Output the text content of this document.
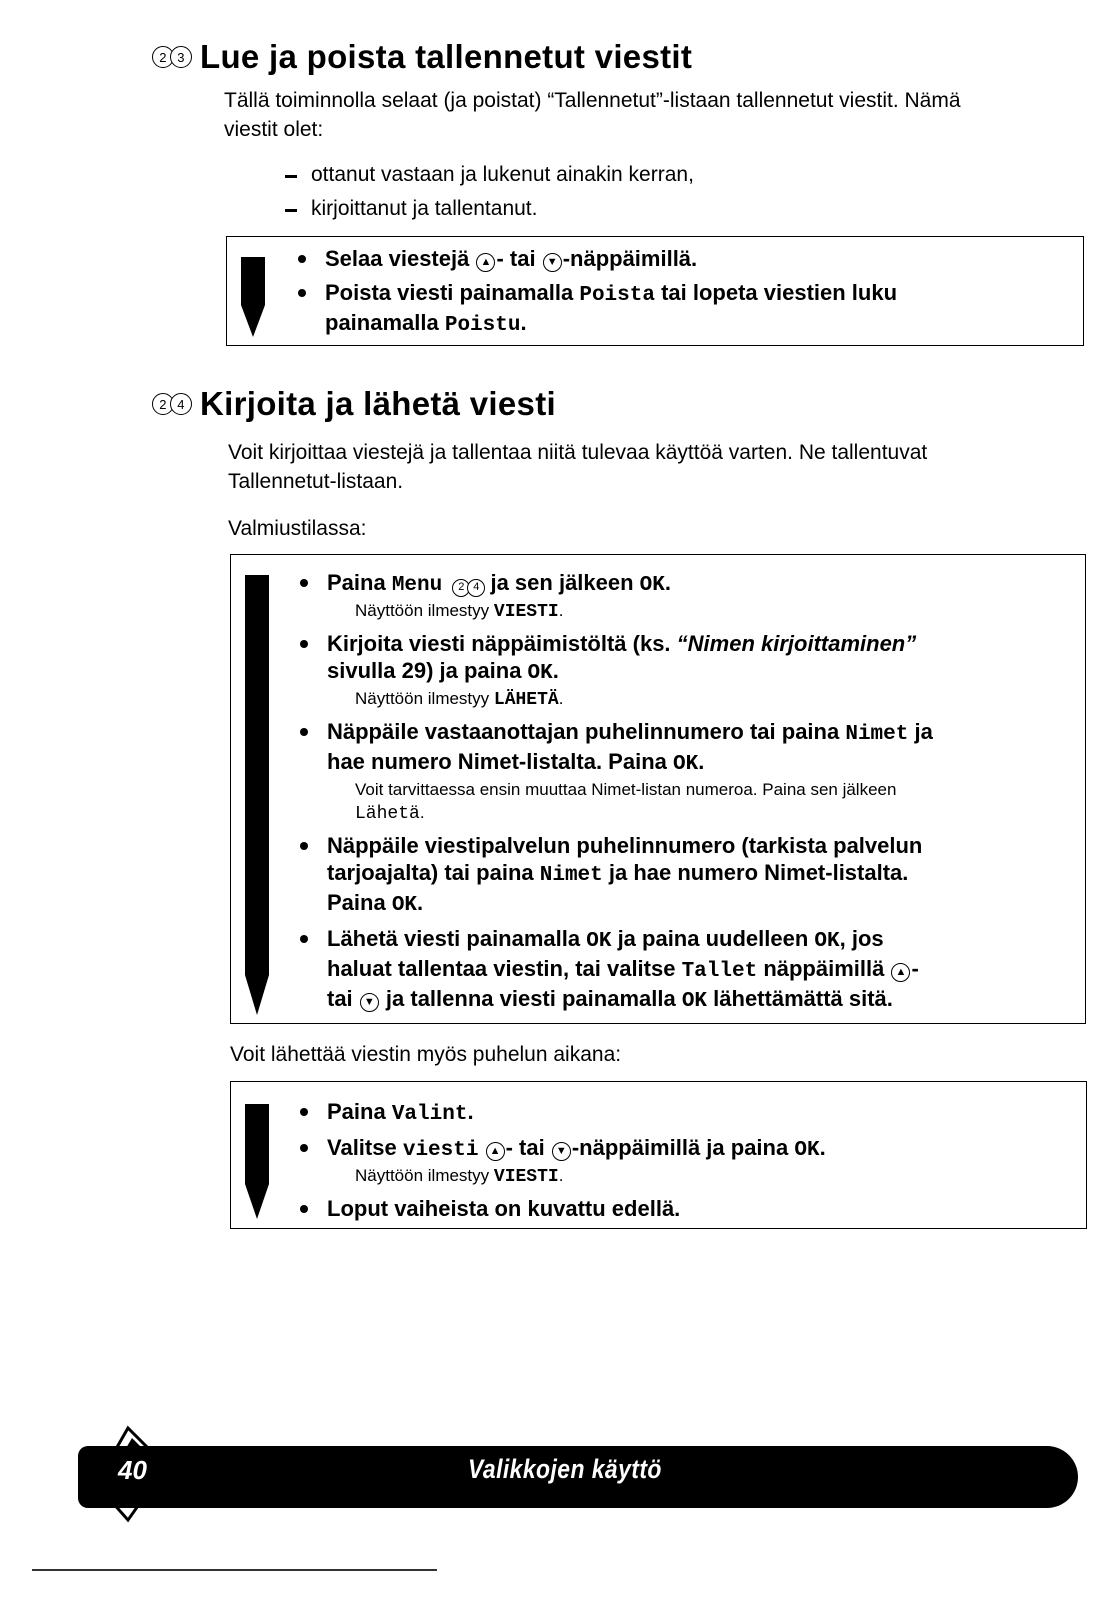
2 3 Lue ja poista tallennetut viestit
Tällä toiminnolla selaat (ja poistat) “Tallennetut”-listaan tallennetut viestit. Nämä
viestit olet:
ottanut vastaan ja lukenut ainakin kerran,
kirjoittanut ja tallentanut.
Selaa viestejä ▲ - tai ▼ -näppäimillä.
Poista viesti painamalla Poista tai lopeta viestien luku
painamalla Poistu.
2 4 Kirjoita ja lähetä viesti
Voit kirjoittaa viestejä ja tallentaa niitä tulevaa käyttöä varten. Ne tallentuvat
Tallennetut-listaan.
Valmiustilassa:
Paina Menu	2 4 ja sen jälkeen OK.
Näyttöön ilmestyy VIESTI.
Kirjoita viesti näppäimistöltä (ks. “Nimen kirjoittaminen”
sivulla 29) ja paina OK.
Näyttöön ilmestyy LÄHETÄ.
Näppäile vastaanottajan puhelinnumero tai paina Nimet ja
hae numero Nimet-listalta. Paina OK.
Voit tarvittaessa ensin muuttaa Nimet-listan numeroa. Paina sen jälkeen
Lähetä.
Näppäile viestipalvelun puhelinnumero (tarkista palvelun
tarjoajalta) tai paina Nimet ja hae numero Nimet-listalta.
Paina OK.
Lähetä viesti painamalla OK ja paina uudelleen OK, jos
haluat tallentaa viestin, tai valitse Tallet näppäimillä ▲ -
tai ▼ ja tallenna viesti painamalla OK lähettämättä sitä.
Voit lähettää viestin myös puhelun aikana:
Paina Valint.
Valitse viesti ▲ - tai ▼ -näppäimillä ja paina OK.
Näyttöön ilmestyy VIESTI.
Loput vaiheista on kuvattu edellä.
40	Valikkojen käyttö
